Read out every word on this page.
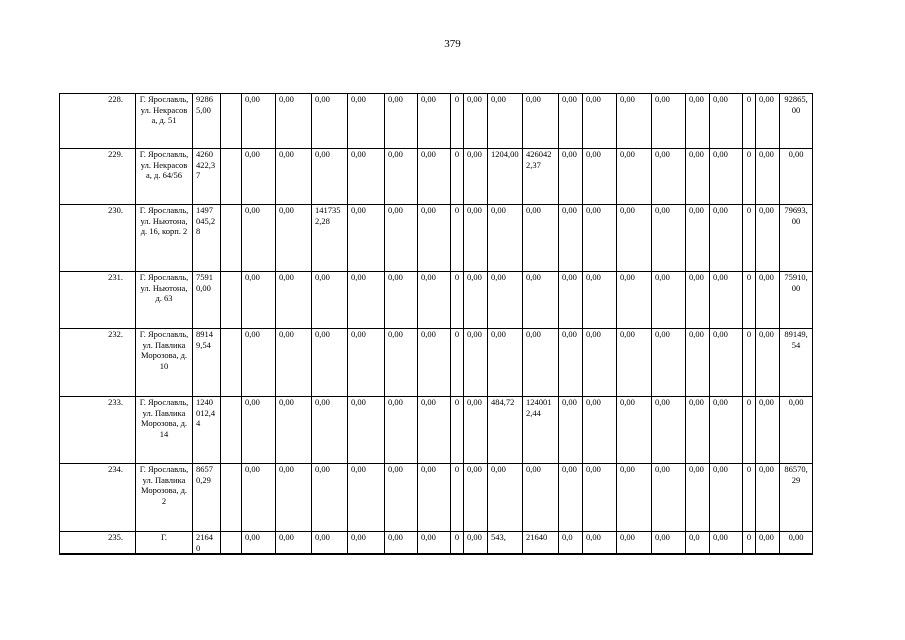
379
228.	Г. Ярославль, ул. Некрасова, д. 51	92865,00		0,00	0,00	0,00	0,00	0,00	0,00	0	0,00	0,00	0,00	0,00	0,00	0,00	0,00	0,00	0,00	0	0,00	92865,00
229.	Г. Ярославль, ул. Некрасова, д. 64/56	4260422,37		0,00	0,00	0,00	0,00	0,00	0,00	0	0,00	1204,00	4260422,37	0,00	0,00	0,00	0,00	0,00	0,00	0	0,00	0,00
230.	Г. Ярославль, ул. Ньютона, д. 16, корп. 2	1497045,28		0,00	0,00	1417352,28	0,00	0,00	0,00	0	0,00	0,00	0,00	0,00	0,00	0,00	0,00	0,00	0,00	0	0,00	79693,00
231.	Г. Ярославль, ул. Ньютона, д. 63	75910,00		0,00	0,00	0,00	0,00	0,00	0,00	0	0,00	0,00	0,00	0,00	0,00	0,00	0,00	0,00	0,00	0	0,00	75910,00
232.	Г. Ярославль, ул. Павлика Морозова, д. 10	89149,54		0,00	0,00	0,00	0,00	0,00	0,00	0	0,00	0,00	0,00	0,00	0,00	0,00	0,00	0,00	0,00	0	0,00	89149,54
233.	Г. Ярославль, ул. Павлика Морозова, д. 14	1240012,44		0,00	0,00	0,00	0,00	0,00	0,00	0	0,00	484,72	1240012,44	0,00	0,00	0,00	0,00	0,00	0,00	0	0,00	0,00
234.	Г. Ярославль, ул. Павлика Морозова, д. 2	86570,29		0,00	0,00	0,00	0,00	0,00	0,00	0	0,00	0,00	0,00	0,00	0,00	0,00	0,00	0,00	0,00	0	0,00	86570,29
235.	Г.	21640		0,00	0,00	0,00	0,00	0,00	0,00	0	0,00	543,	21640	0,0	0,00	0,00	0,00	0,0	0,00	0	0,00	0,00
